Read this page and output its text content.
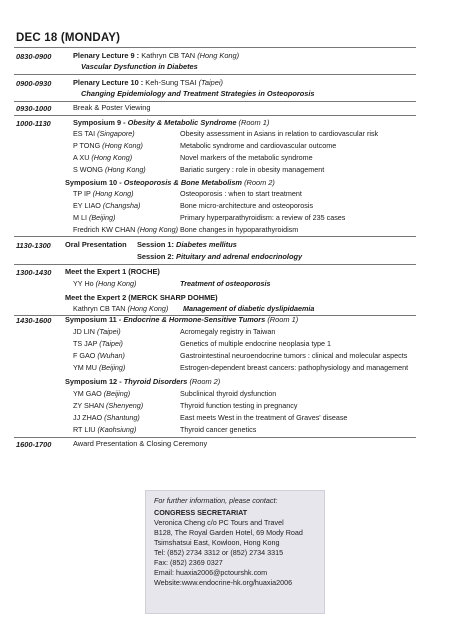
DEC 18 (MONDAY)
0830-0900	Plenary Lecture 9 : Kathryn CB TAN (Hong Kong)
Vascular Dysfunction in Diabetes
0900-0930	Plenary Lecture 10 : Keh-Sung TSAI (Taipei)
Changing Epidemiology and Treatment Strategies in Osteoporosis
0930-1000	Break & Poster Viewing
1000-1130	Symposium 9 - Obesity & Metabolic Syndrome (Room 1)
ES TAI (Singapore)	Obesity assessment in Asians in relation to cardiovascular risk
P TONG (Hong Kong)	Metabolic syndrome and cardiovascular outcome
A XU (Hong Kong)	Novel markers of the metabolic syndrome
S WONG (Hong Kong)	Bariatic surgery : role in obesity management
Symposium 10 - Osteoporosis & Bone Metabolism (Room 2)
TP IP (Hong Kong)	Osteoporosis : when to start treatment
EY LIAO (Changsha)	Bone micro-architecture and osteoporosis
M LI (Beijing)	Primary hyperparathyroidism: a review of 235 cases
Fredrich KW CHAN (Hong Kong) Bone changes in hypoparathyroidism
1130-1300 Oral Presentation Session 1: Diabetes mellitus
Session 2: Pituitary and adrenal endocrinology
1300-1430 Meet the Expert 1 (ROCHE)
YY Ho (Hong Kong)	Treatment of osteoporosis
Meet the Expert 2 (MERCK SHARP DOHME)
Kathryn CB TAN (Hong Kong) Management of diabetic dyslipidaemia
1430-1600 Symposium 11 - Endocrine & Hormone-Sensitive Tumors (Room 1)
JD LIN (Taipei)	Acromegaly registry in Taiwan
TS JAP (Taipei)	Genetics of multiple endocrine neoplasia type 1
F GAO (Wuhan)	Gastrointestinal neuroendocrine tumors : clinical and molecular aspects
YM MU (Beijing)	Estrogen-dependent breast cancers: pathophysiology and management
Symposium 12 - Thyroid Disorders (Room 2)
YM GAO (Beijing)	Subclinical thyroid dysfunction
ZY SHAN (Shenyeng)	Thyroid function testing in pregnancy
JJ ZHAO (Shantung)	East meets West in the treatment of Graves' disease
RT LIU (Kaohsiung)	Thyroid cancer genetics
1600-1700	Award Presentation & Closing Ceremony
For further information, please contact:
CONGRESS SECRETARIAT
Veronica Cheng c/o PC Tours and Travel
B128, The Royal Garden Hotel, 69 Mody Road
Tsimshatsui East, Kowloon, Hong Kong
Tel: (852) 2734 3312 or (852) 2734 3315
Fax: (852) 2369 0327
Email: huaxia2006@pctourshk.com
Website:www.endocrine-hk.org/huaxia2006
